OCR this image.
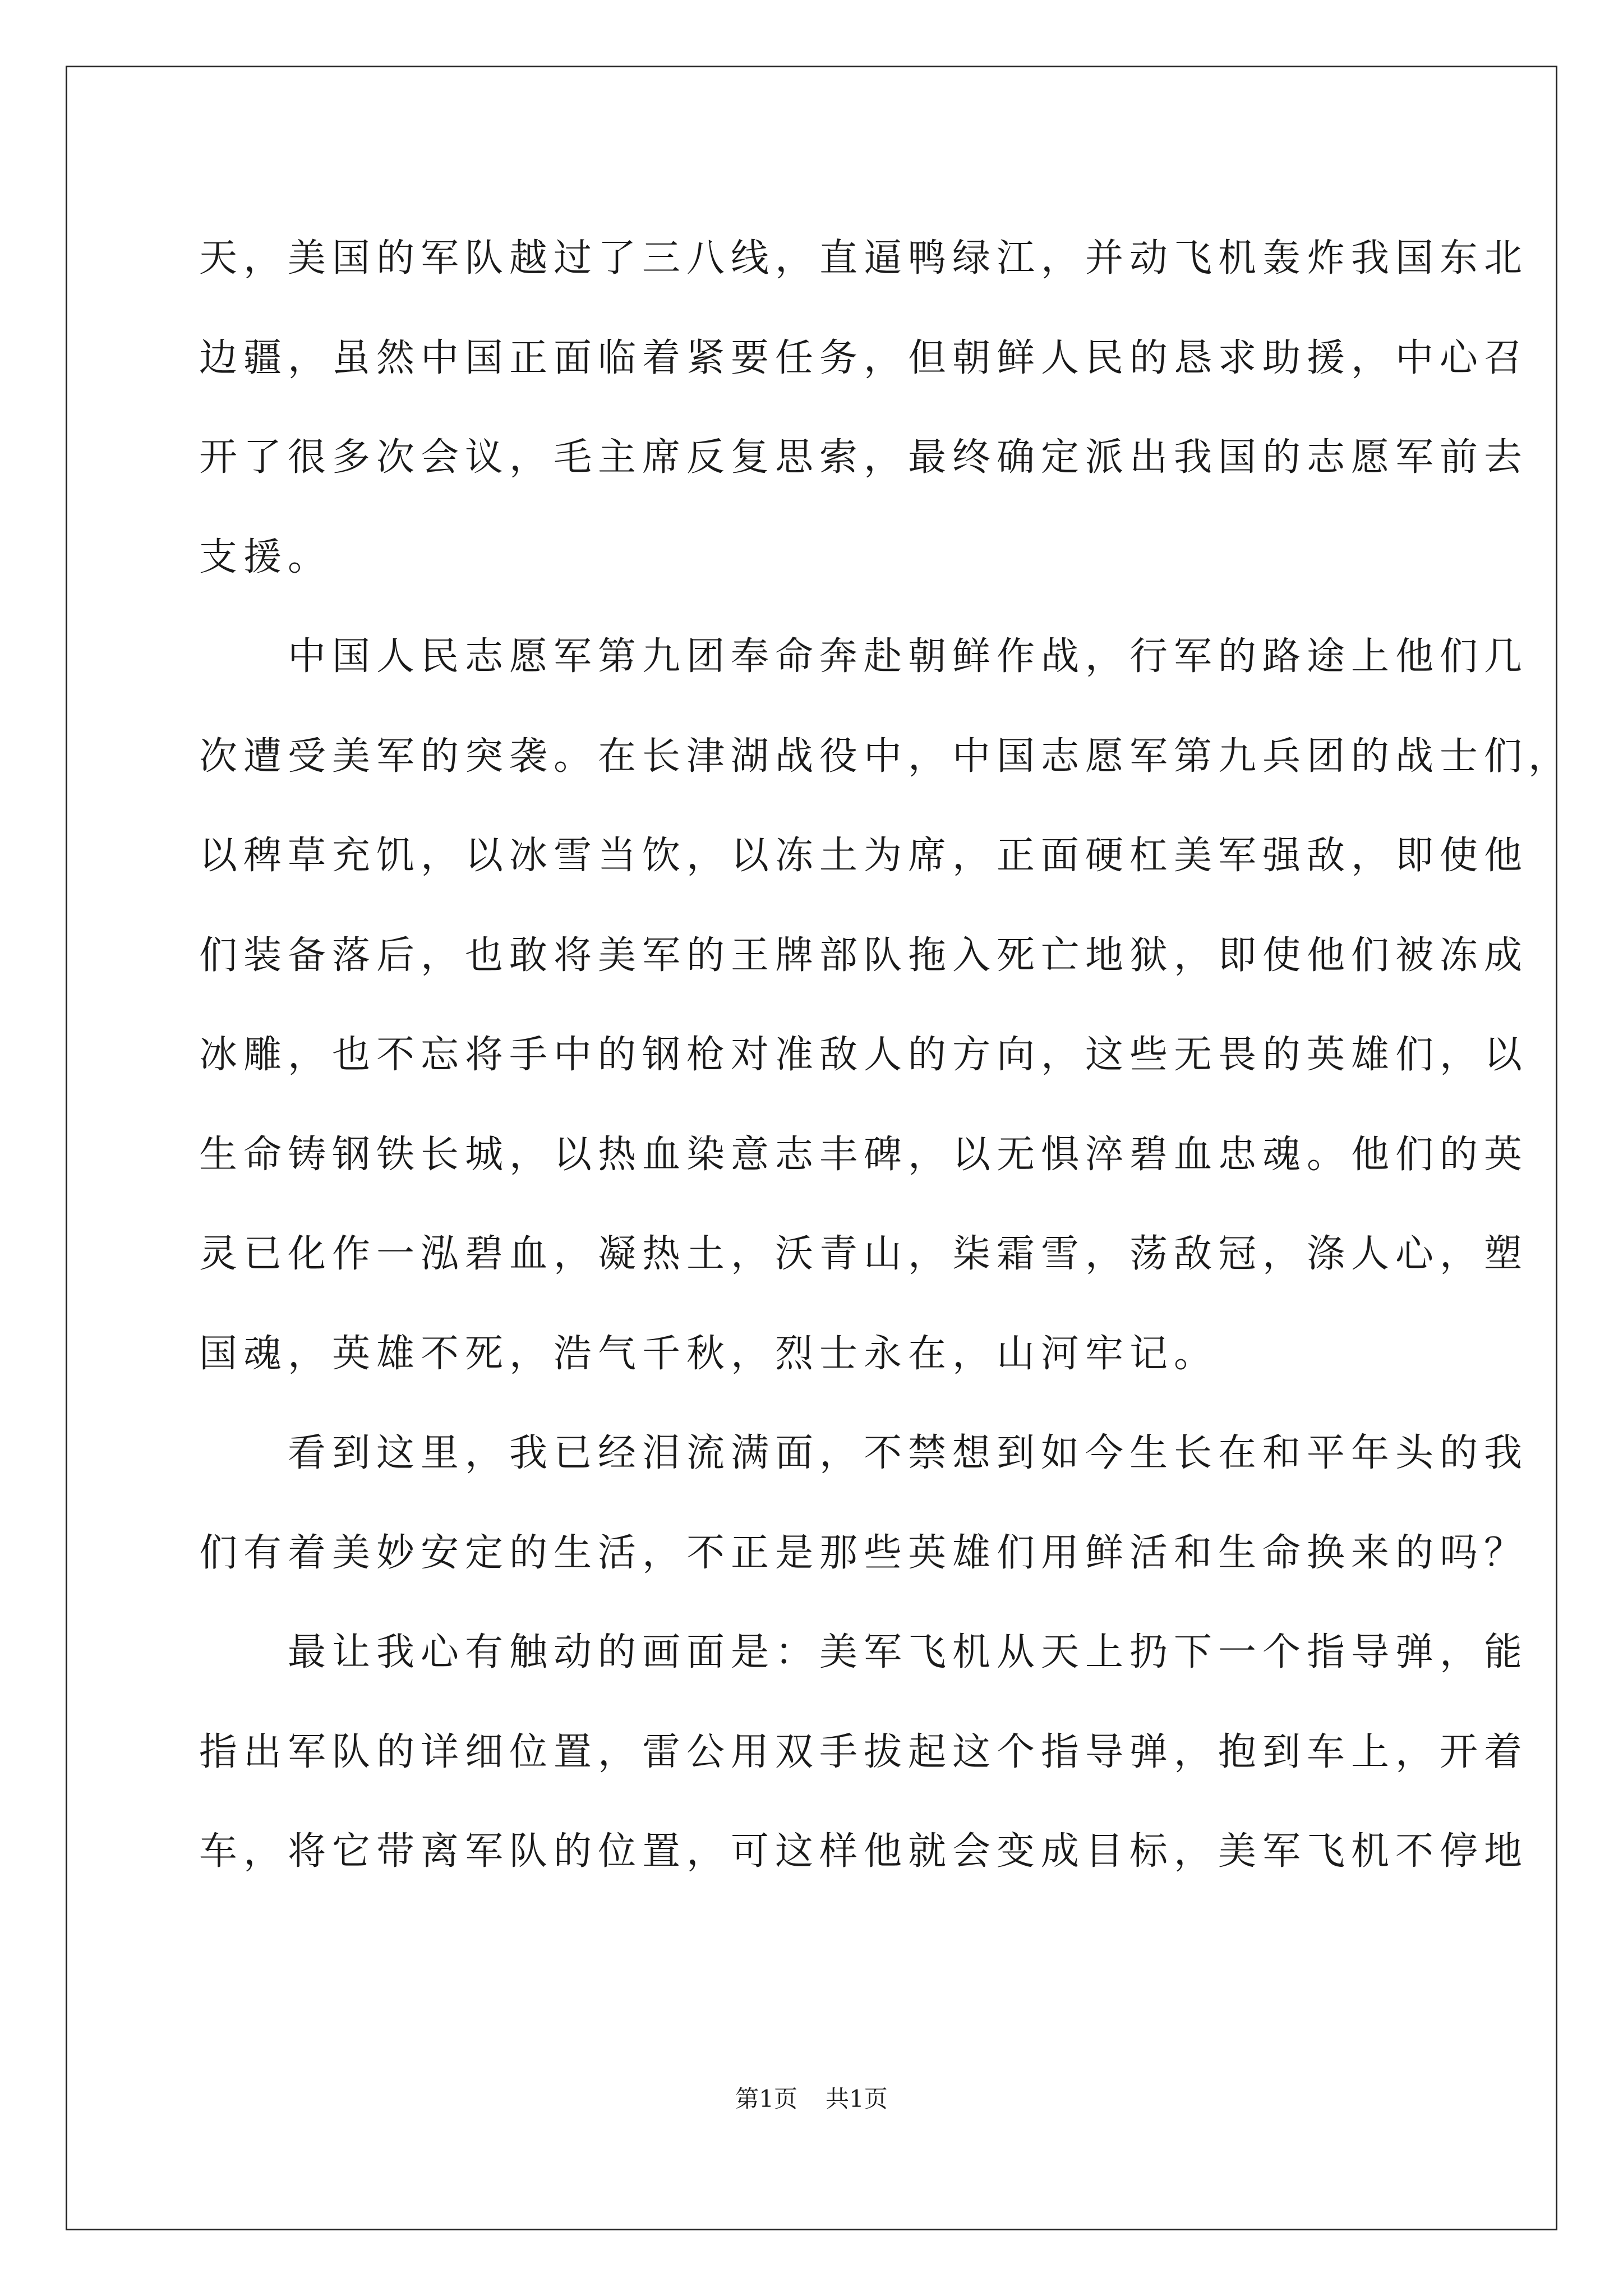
天，美国的军队越过了三八线，直逼鸭绿江，并动飞机轰炸我国东北
边疆，虽然中国正面临着紧要任务，但朝鲜人民的恳求助援，中心召
开了很多次会议，毛主席反复思索，最终确定派出我国的志愿军前去
支援。
　　中国人民志愿军第九团奉命奔赴朝鲜作战，行军的路途上他们几
次遭受美军的突袭。在长津湖战役中，中国志愿军第九兵团的战士们，
以稗草充饥，以冰雪当饮，以冻土为席，正面硬杠美军强敌，即使他
们装备落后，也敢将美军的王牌部队拖入死亡地狱，即使他们被冻成
冰雕，也不忘将手中的钢枪对准敌人的方向，这些无畏的英雄们，以
生命铸钢铁长城，以热血染意志丰碑，以无惧淬碧血忠魂。他们的英
灵已化作一泓碧血，凝热土，沃青山，柒霜雪，荡敌冠，涤人心，塑
国魂，英雄不死，浩气千秋，烈士永在，山河牢记。
　　看到这里，我已经泪流满面，不禁想到如今生长在和平年头的我
们有着美妙安定的生活，不正是那些英雄们用鲜活和生命换来的吗？
　　最让我心有触动的画面是：美军飞机从天上扔下一个指导弹，能
指出军队的详细位置，雷公用双手拔起这个指导弹，抱到车上，开着
车，将它带离军队的位置，可这样他就会变成目标，美军飞机不停地
第1页 共1页
